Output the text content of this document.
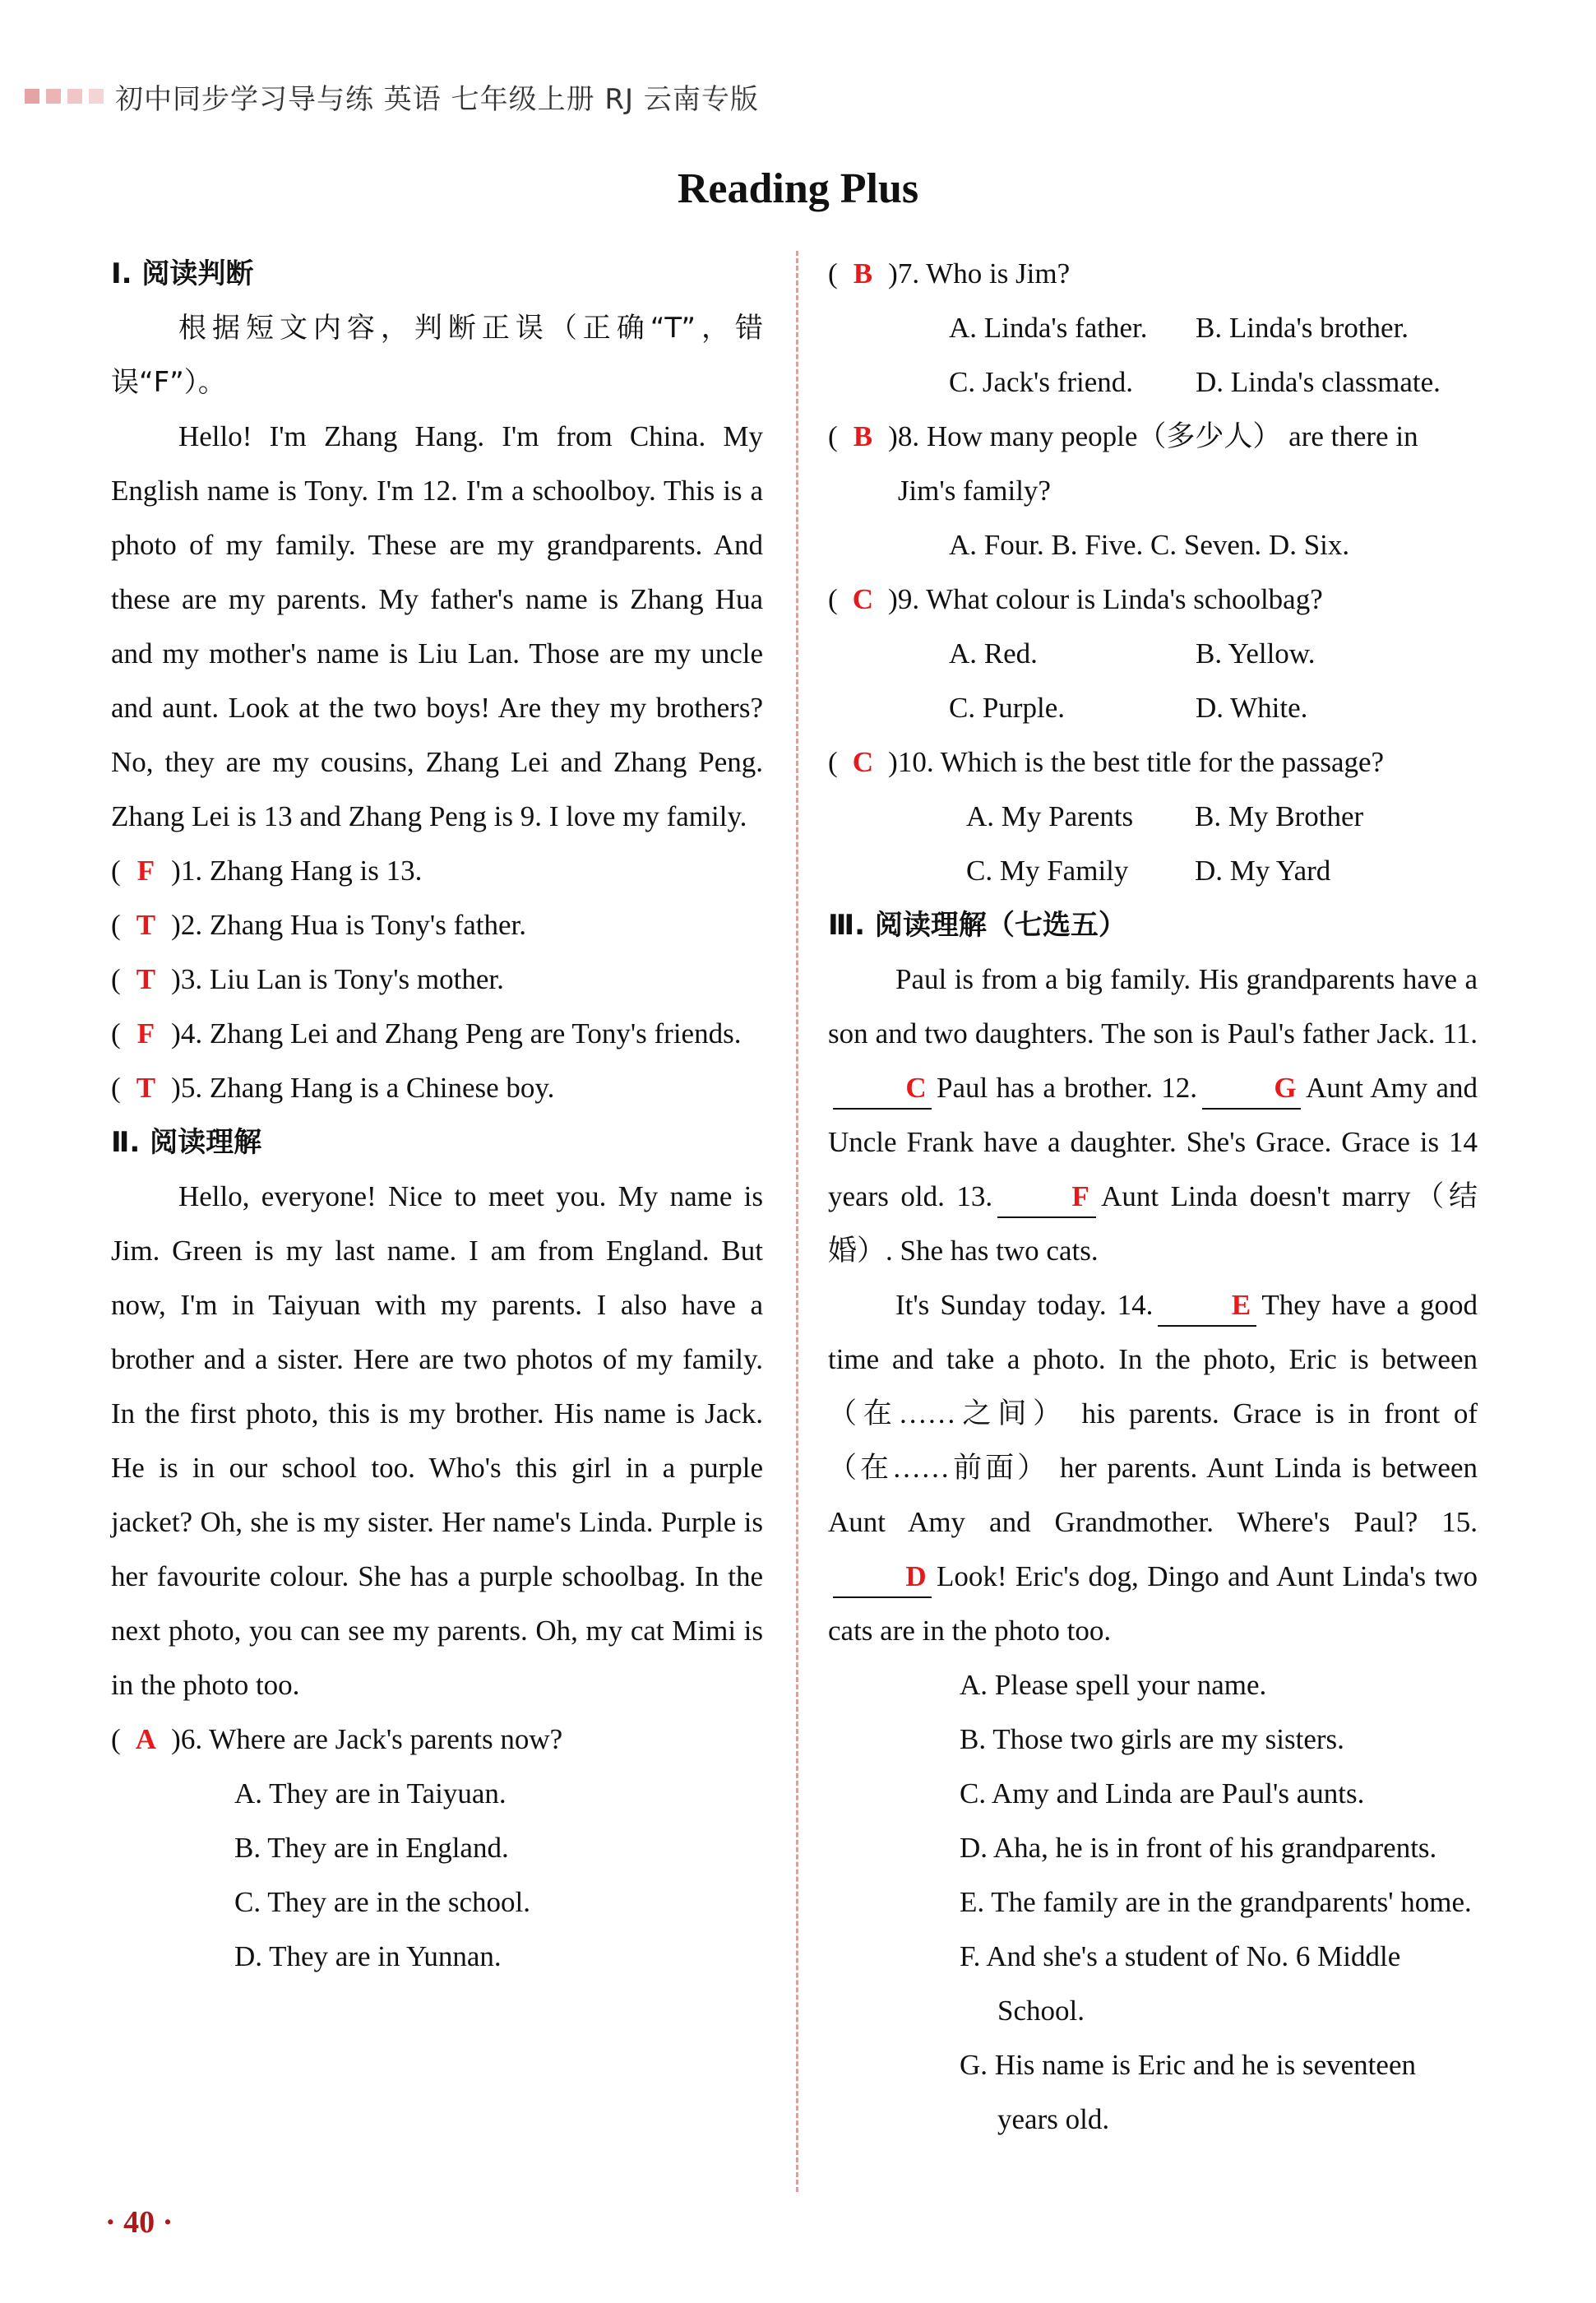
初中同步学习导与练 英语 七年级上册 RJ 云南专版
Reading Plus
Ⅰ. 阅读判断
根据短文内容，判断正误（正确“T”，错误“F”）。
Hello! I'm Zhang Hang. I'm from China. My English name is Tony. I'm 12. I'm a schoolboy. This is a photo of my family. These are my grandparents. And these are my parents. My father's name is Zhang Hua and my mother's name is Liu Lan. Those are my uncle and aunt. Look at the two boys! Are they my brothers? No, they are my cousins, Zhang Lei and Zhang Peng. Zhang Lei is 13 and Zhang Peng is 9. I love my family.
( F ) 1. Zhang Hang is 13.
( T ) 2. Zhang Hua is Tony's father.
( T ) 3. Liu Lan is Tony's mother.
( F ) 4. Zhang Lei and Zhang Peng are Tony's friends.
( T ) 5. Zhang Hang is a Chinese boy.
Ⅱ. 阅读理解
Hello, everyone! Nice to meet you. My name is Jim. Green is my last name. I am from England. But now, I'm in Taiyuan with my parents. I also have a brother and a sister. Here are two photos of my family. In the first photo, this is my brother. His name is Jack. He is in our school too. Who's this girl in a purple jacket? Oh, she is my sister. Her name's Linda. Purple is her favourite colour. She has a purple schoolbag. In the next photo, you can see my parents. Oh, my cat Mimi is in the photo too.
( A ) 6. Where are Jack's parents now?
A. They are in Taiyuan.
B. They are in England.
C. They are in the school.
D. They are in Yunnan.
( B ) 7. Who is Jim?
A. Linda's father.	B. Linda's brother.
C. Jack's friend.	D. Linda's classmate.
( B ) 8. How many people（多少人） are there in Jim's family?
A. Four. B. Five. C. Seven. D. Six.
( C ) 9. What colour is Linda's schoolbag?
A. Red.	B. Yellow.
C. Purple.	D. White.
( C ) 10. Which is the best title for the passage?
A. My Parents	B. My Brother
C. My Family	D. My Yard
Ⅲ. 阅读理解（七选五）
Paul is from a big family. His grandparents have a son and two daughters. The son is Paul's father Jack. 11.C Paul has a brother. 12.	G Aunt Amy and Uncle Frank have a daughter. She's Grace. Grace is 14 years old. 13.	F Aunt Linda doesn't marry（结婚）. She has two cats.
It's Sunday today. 14.	E They have a good time and take a photo. In the photo, Eric is between（在……之间） his parents. Grace is in front of（在……前面） her parents. Aunt Linda is between Aunt Amy and Grandmother. Where's Paul? 15.D Look! Eric's dog, Dingo and Aunt Linda's two cats are in the photo too.
A. Please spell your name.
B. Those two girls are my sisters.
C. Amy and Linda are Paul's aunts.
D. Aha, he is in front of his grandparents.
E. The family are in the grandparents' home.
F. And she's a student of No. 6 Middle School.
G. His name is Eric and he is seventeen years old.
· 40 ·
